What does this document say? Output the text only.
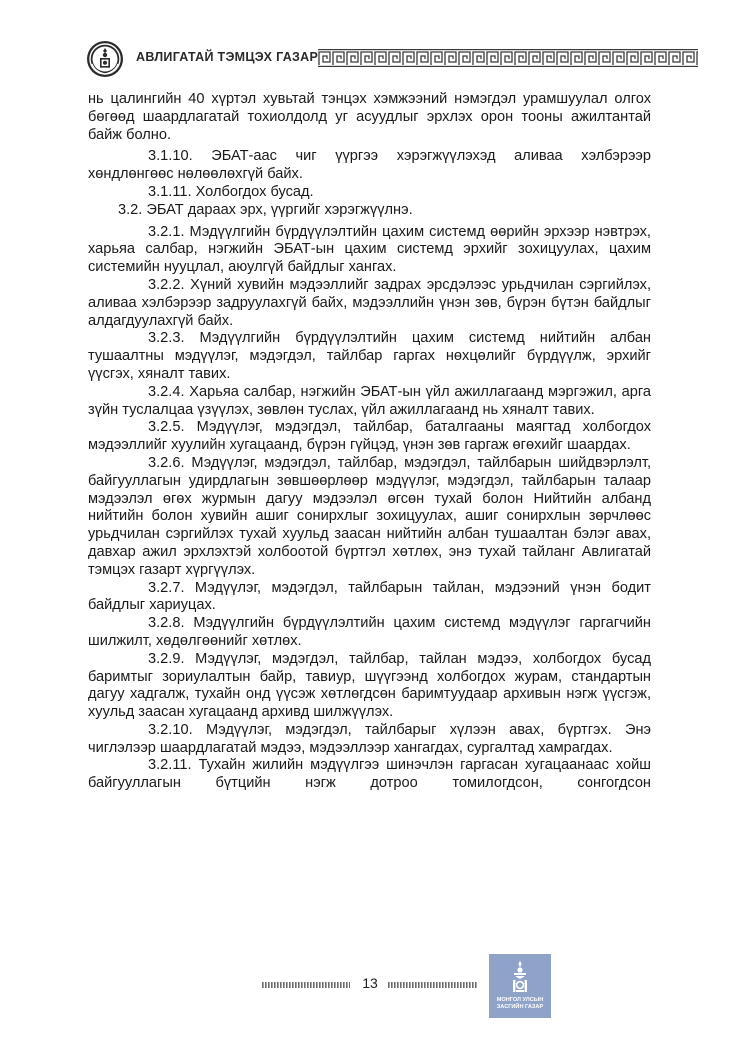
АВЛИГАТАЙ ТЭМЦЭХ ГАЗАР

нь цалингийн 40 хүртэл хувьтай тэнцэх хэмжээний нэмэгдэл урамшуулал олгох бөгөөд шаардлагатай тохиолдолд уг асуудлыг эрхлэх орон тооны ажилтантай байж болно.

3.1.10. ЭБАТ-аас чиг үүргээ хэрэгжүүлэхэд аливаа хэлбэрээр хөндлөнгөөс нөлөөлөхгүй байх.

3.1.11. Холбогдох бусад.

3.2. ЭБАТ дараах эрх, үүргийг хэрэгжүүлнэ.

3.2.1. Мэдүүлгийн бүрдүүлэлтийн цахим системд өөрийн эрхээр нэвтрэх, харьяа салбар, нэгжийн ЭБАТ-ын цахим системд эрхийг зохицуулах, цахим системийн нууцлал, аюулгүй байдлыг хангах.

3.2.2. Хүний хувийн мэдээллийг задрах эрсдэлээс урьдчилан сэргийлэх, аливаа хэлбэрээр задруулахгүй байх, мэдээллийн үнэн зөв, бүрэн бүтэн байдлыг алдагдуулахгүй байх.

3.2.3. Мэдүүлгийн бүрдүүлэлтийн цахим системд нийтийн албан тушаалтны мэдүүлэг, мэдэгдэл, тайлбар гаргах нөхцөлийг бүрдүүлж, эрхийг үүсгэх, хяналт тавих.

3.2.4. Харьяа салбар, нэгжийн ЭБАТ-ын үйл ажиллагаанд мэргэжил, арга зүйн туслалцаа үзүүлэх, зөвлөн туслах, үйл ажиллагаанд нь хяналт тавих.

3.2.5. Мэдүүлэг, мэдэгдэл, тайлбар, баталгааны маягтад холбогдох мэдээллийг хуулийн хугацаанд, бүрэн гүйцэд, үнэн зөв гаргаж өгөхийг шаардах.

3.2.6. Мэдүүлэг, мэдэгдэл, тайлбар, мэдэгдэл, тайлбарын шийдвэрлэлт, байгууллагын удирдлагын зөвшөөрлөөр мэдүүлэг, мэдэгдэл, тайлбарын талаар мэдээлэл өгөх журмын дагуу мэдээлэл өгсөн тухай болон Нийтийн албанд нийтийн болон хувийн ашиг сонирхлыг зохицуулах, ашиг сонирхлын зөрчлөөс урьдчилан сэргийлэх тухай хуульд заасан нийтийн албан тушаалтан бэлэг авах, давхар ажил эрхлэхтэй холбоотой бүртгэл хөтлөх, энэ тухай тайланг Авлигатай тэмцэх газарт хүргүүлэх.

3.2.7. Мэдүүлэг, мэдэгдэл, тайлбарын тайлан, мэдээний үнэн бодит байдлыг хариуцах.

3.2.8. Мэдүүлгийн бүрдүүлэлтийн цахим системд мэдүүлэг гаргагчийн шилжилт, хөдөлгөөнийг хөтлөх.

3.2.9. Мэдүүлэг, мэдэгдэл, тайлбар, тайлан мэдээ, холбогдох бусад баримтыг зориулалтын байр, тавиур, шүүгээнд холбогдох журам, стандартын дагуу хадгалж, тухайн онд үүсэж хөтлөгдсөн баримтуудаар архивын нэгж үүсгэж, хуульд заасан хугацаанд архивд шилжүүлэх.

3.2.10. Мэдүүлэг, мэдэгдэл, тайлбарыг хүлээн авах, бүртгэх. Энэ чиглэлээр шаардлагатай мэдээ, мэдээллээр хангагдах, сургалтад хамрагдах.

3.2.11. Тухайн жилийн мэдүүлгээ шинэчлэн гаргасан хугацаанаас хойш байгууллагын бүтцийн нэгж дотроо томилогдсон, сонгогдсон

13
МОНГОЛ УЛСЫН
ЗАСГИЙН ГАЗАР
